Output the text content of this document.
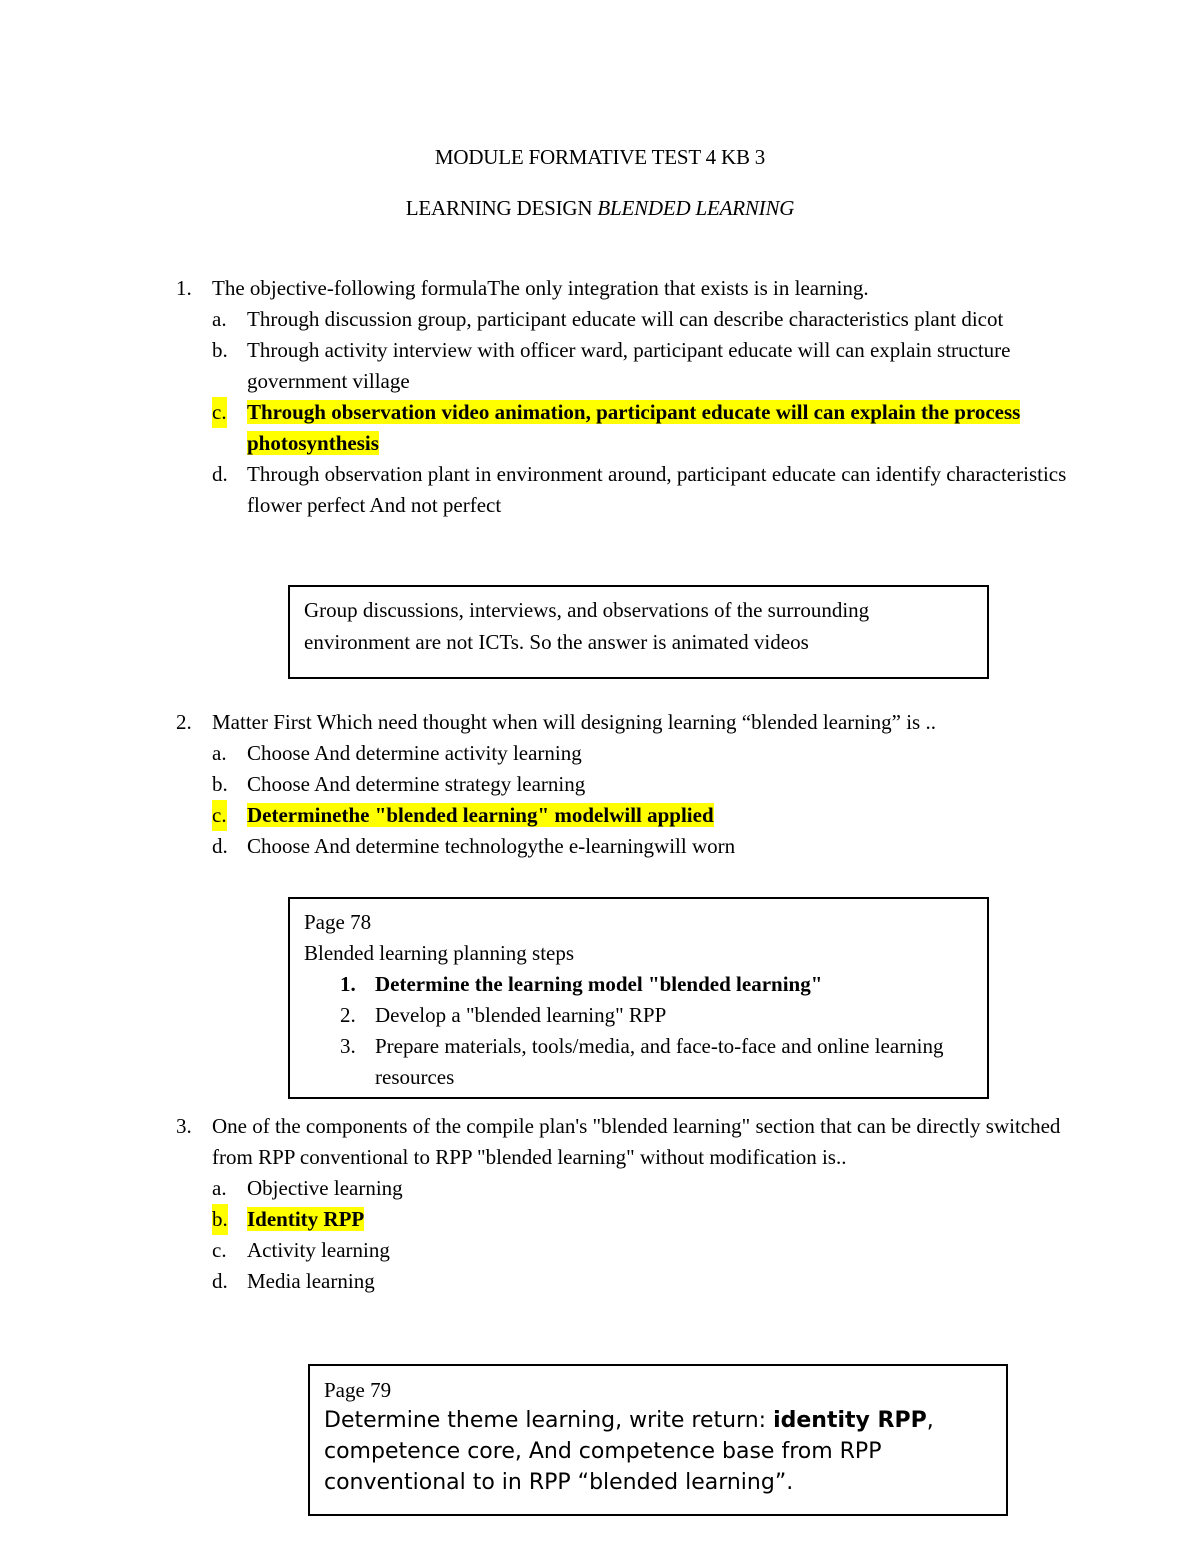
MODULE FORMATIVE TEST 4 KB 3
LEARNING DESIGN BLENDED LEARNING
1. The objective-following formulaThe only integration that exists is in learning.
a. Through discussion group, participant educate will can describe characteristics plant dicot
b. Through activity interview with officer ward, participant educate will can explain structure government village
c. Through observation video animation, participant educate will can explain the process photosynthesis
d. Through observation plant in environment around, participant educate can identify characteristics flower perfect And not perfect
Group discussions, interviews, and observations of the surrounding environment are not ICTs. So the answer is animated videos
2. Matter First Which need thought when will designing learning “blended learning” is ..
a. Choose And determine activity learning
b. Choose And determine strategy learning
c. Determinethe "blended learning" modelwill applied
d. Choose And determine technologythe e-learningwill worn
Page 78
Blended learning planning steps
1. Determine the learning model "blended learning"
2. Develop a "blended learning" RPP
3. Prepare materials, tools/media, and face-to-face and online learning resources
3. One of the components of the compile plan's "blended learning" section that can be directly switched from RPP conventional to RPP "blended learning" without modification is..
a. Objective learning
b. Identity RPP
c. Activity learning
d. Media learning
Page 79
Determine theme learning, write return: identity RPP, competence core, And competence base from RPP conventional to in RPP “blended learning”.
